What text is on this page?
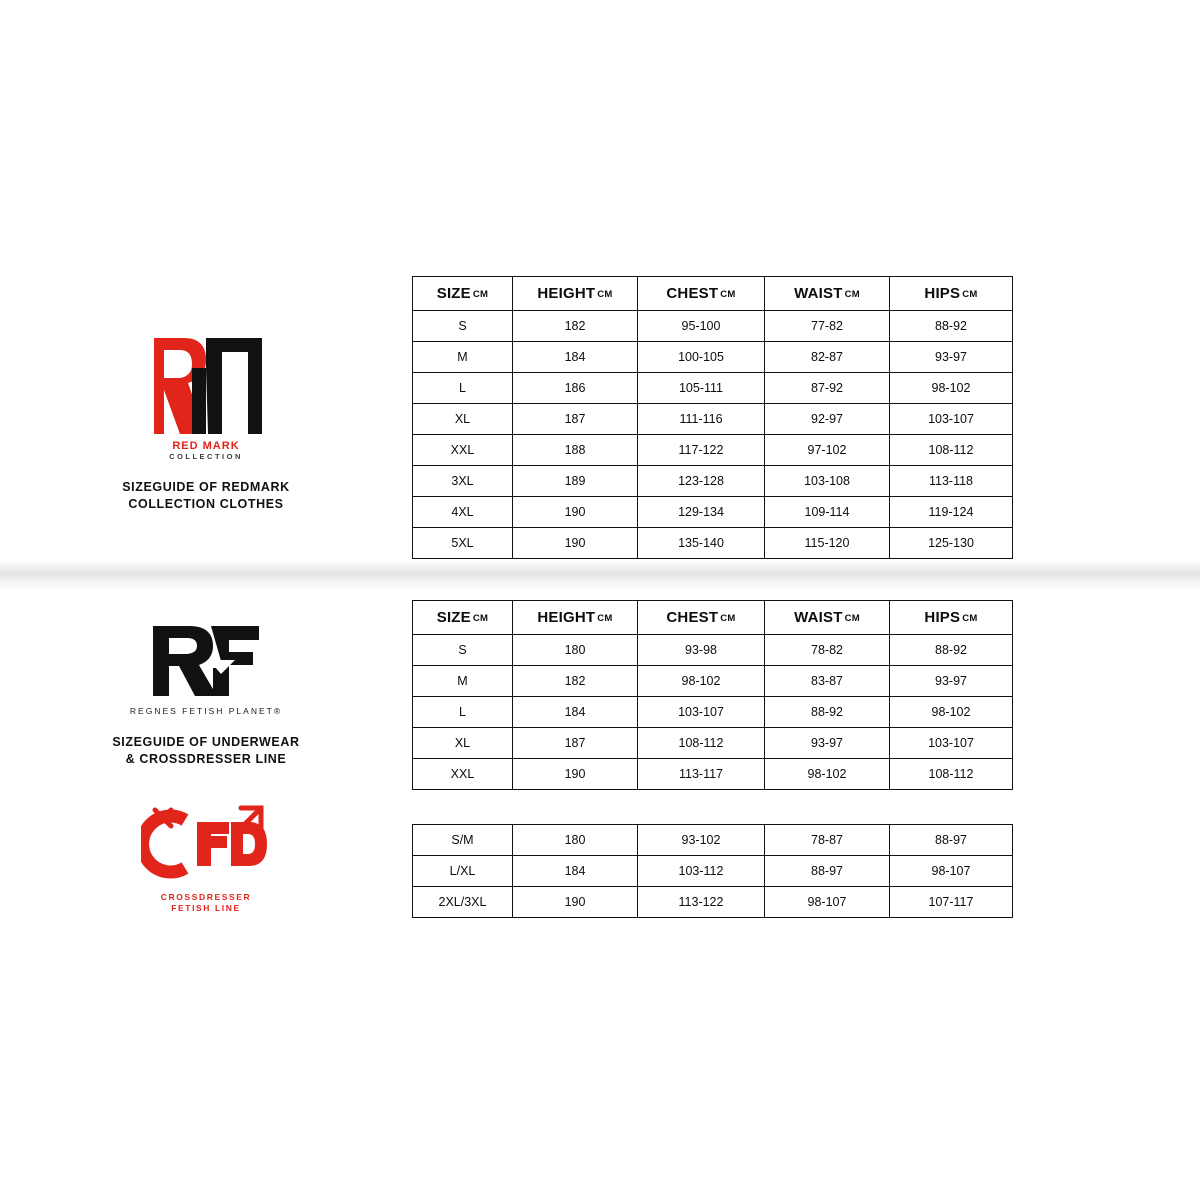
RED MARK
COLLECTION
SIZEGUIDE OF REDMARK
COLLECTION CLOTHES
SIZE CM	HEIGHT CM	CHEST CM	WAIST CM	HIPS CM
S	182	95-100	77-82	88-92
M	184	100-105	82-87	93-97
L	186	105-111	87-92	98-102
XL	187	111-116	92-97	103-107
XXL	188	117-122	97-102	108-112
3XL	189	123-128	103-108	113-118
4XL	190	129-134	109-114	119-124
5XL	190	135-140	115-120	125-130
REGNES FETISH PLANET®
SIZEGUIDE OF UNDERWEAR
& CROSSDRESSER LINE
CROSSDRESSER
FETISH LINE
SIZE CM	HEIGHT CM	CHEST CM	WAIST CM	HIPS CM
S	180	93-98	78-82	88-92
M	182	98-102	83-87	93-97
L	184	103-107	88-92	98-102
XL	187	108-112	93-97	103-107
XXL	190	113-117	98-102	108-112
S/M	180	93-102	78-87	88-97
L/XL	184	103-112	88-97	98-107
2XL/3XL	190	113-122	98-107	107-117
